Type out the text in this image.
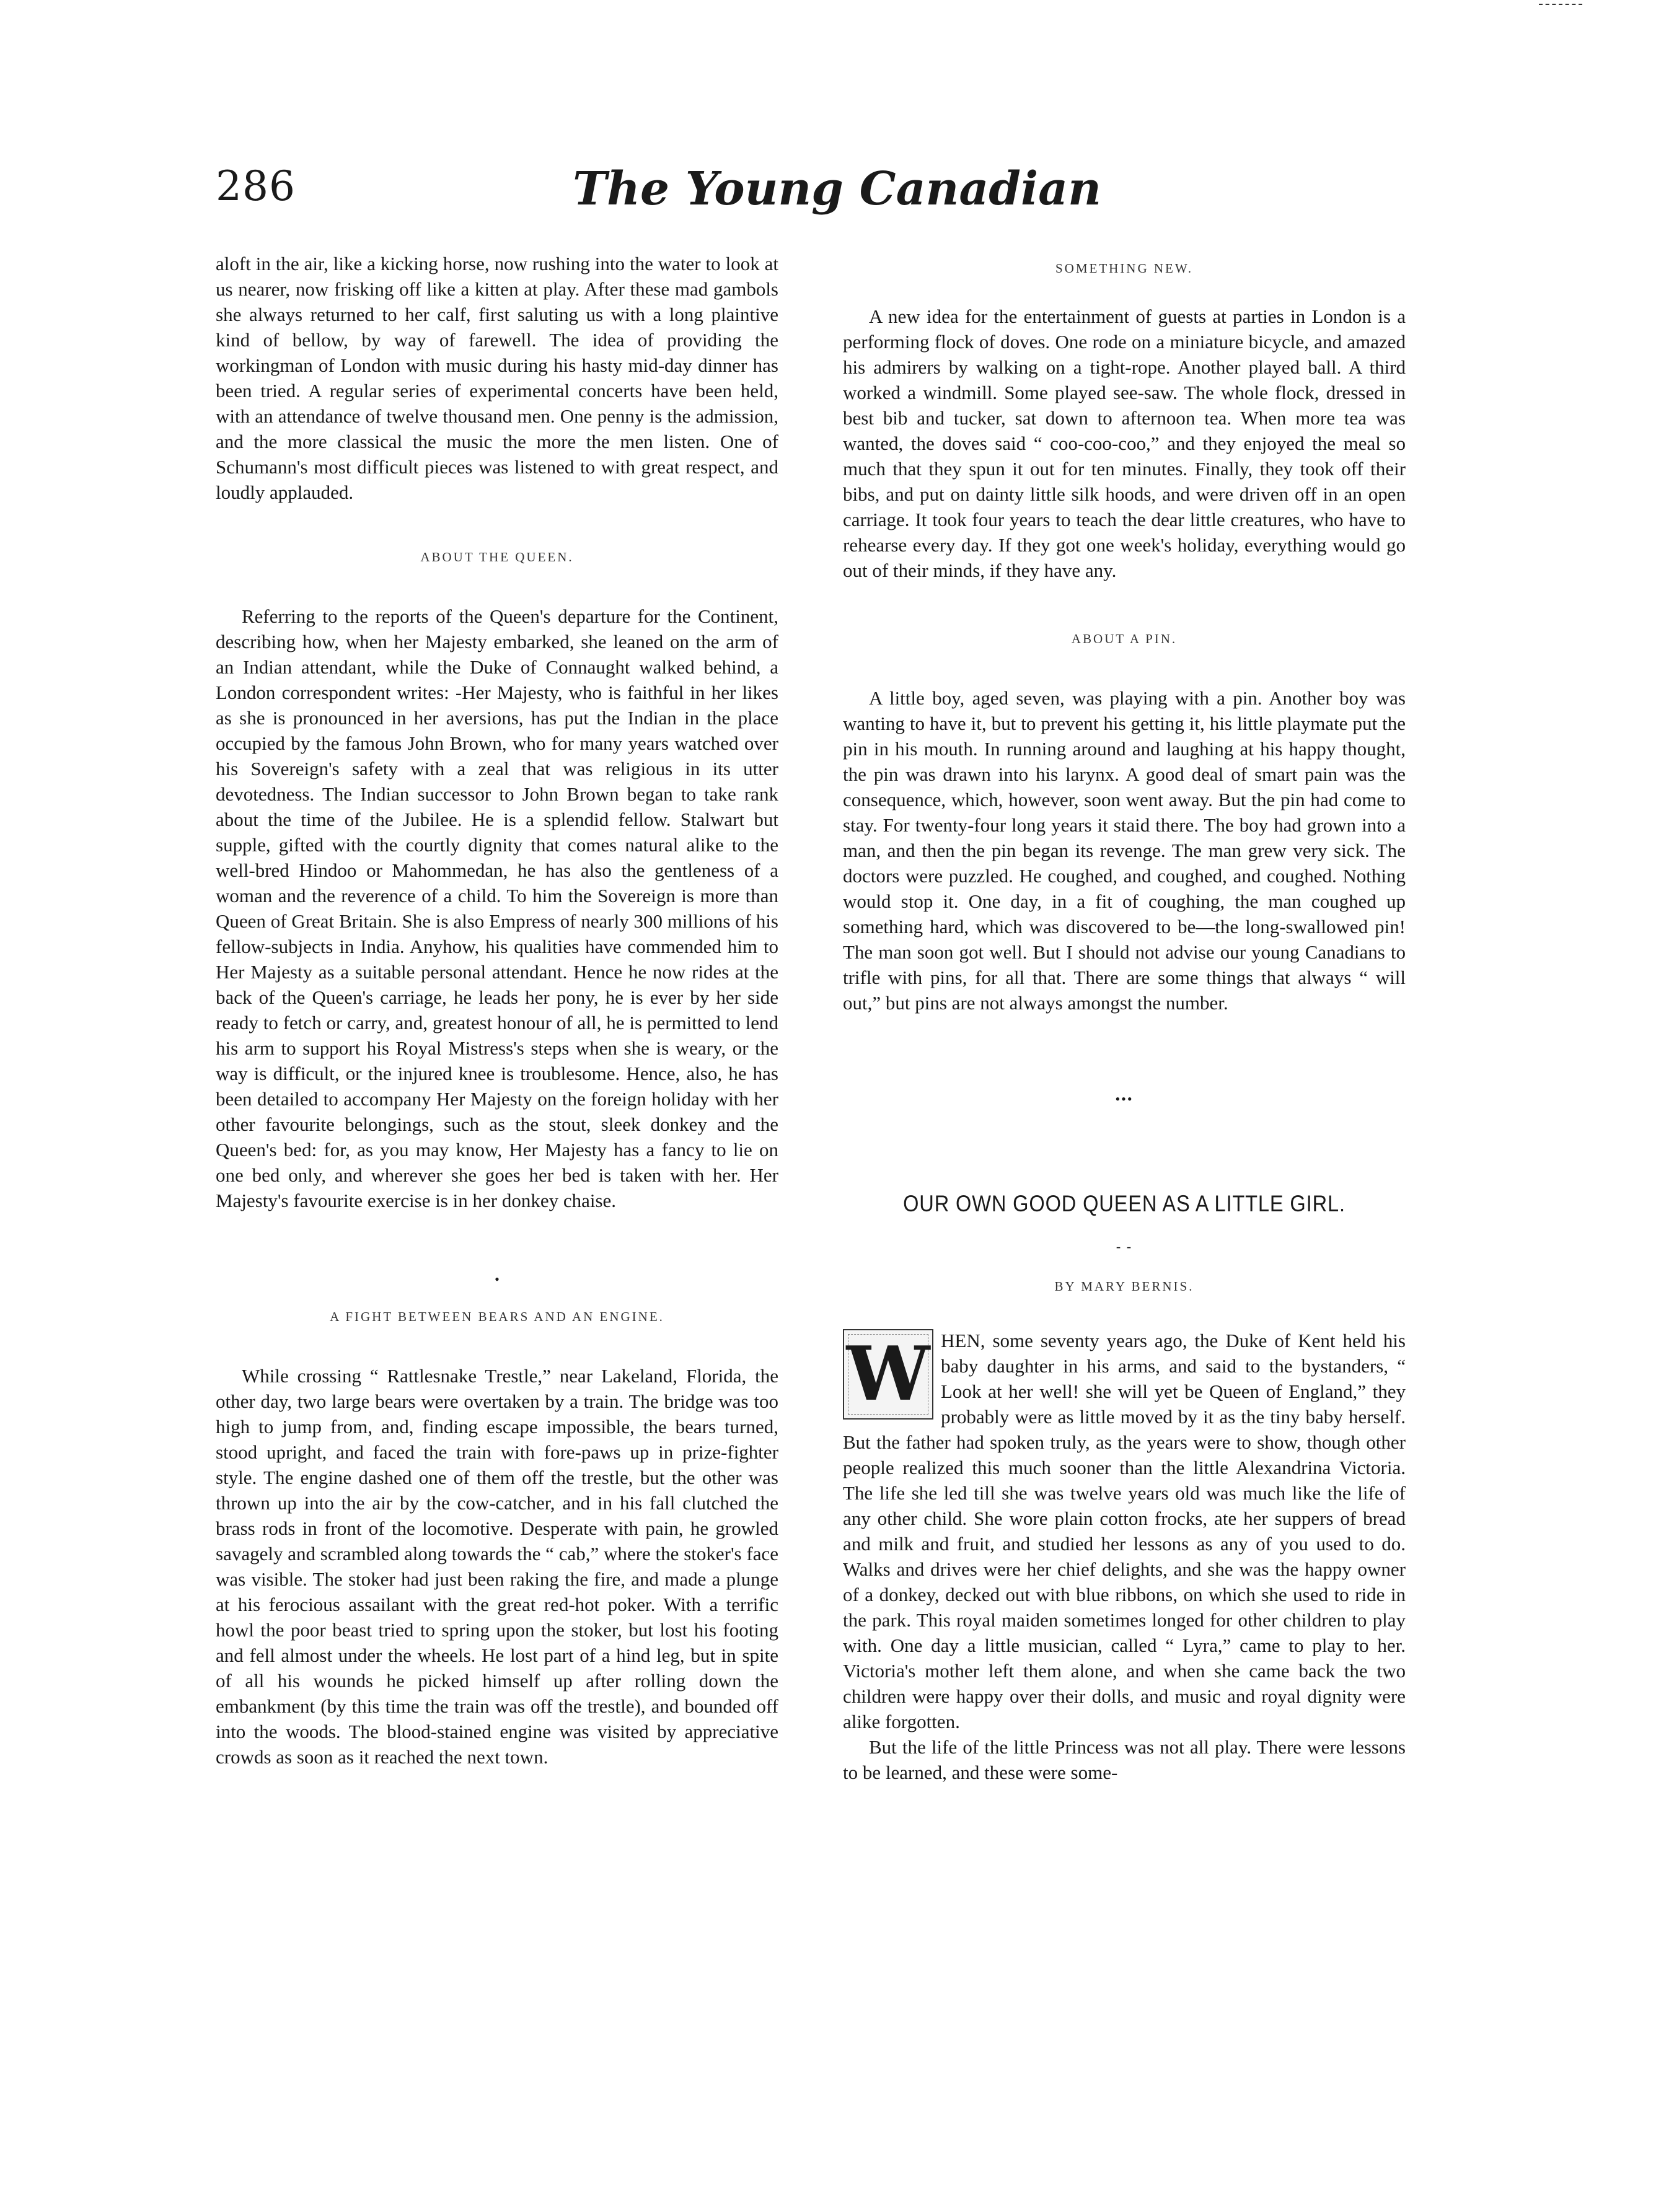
286	The Young Canadian

aloft in the air, like a kicking horse, now rushing into the water to look at us nearer, now frisking off like a kitten at play. After these mad gambols she always returned to her calf, first saluting us with a long plaintive kind of bellow, by way of farewell. The idea of providing the workingman of London with music during his hasty mid-day dinner has been tried. A regular series of experimental concerts have been held, with an attendance of twelve thousand men. One penny is the admission, and the more classical the music the more the men listen. One of Schumann's most difficult pieces was listened to with great respect, and loudly applauded.

ABOUT THE QUEEN.

Referring to the reports of the Queen's departure for the Continent, describing how, when her Majesty embarked, she leaned on the arm of an Indian attendant, while the Duke of Connaught walked behind, a London correspondent writes: -Her Majesty, who is faithful in her likes as she is pronounced in her aversions, has put the Indian in the place occupied by the famous John Brown, who for many years watched over his Sovereign's safety with a zeal that was religious in its utter devotedness. The Indian successor to John Brown began to take rank about the time of the Jubilee. He is a splendid fellow. Stalwart but supple, gifted with the courtly dignity that comes natural alike to the well-bred Hindoo or Mahommedan, he has also the gentleness of a woman and the reverence of a child. To him the Sovereign is more than Queen of Great Britain. She is also Empress of nearly 300 millions of his fellow-subjects in India. Anyhow, his qualities have commended him to Her Majesty as a suitable personal attendant. Hence he now rides at the back of the Queen's carriage, he leads her pony, he is ever by her side ready to fetch or carry, and, greatest honour of all, he is permitted to lend his arm to support his Royal Mistress's steps when she is weary, or the way is difficult, or the injured knee is troublesome. Hence, also, he has been detailed to accompany Her Majesty on the foreign holiday with her other favourite belongings, such as the stout, sleek donkey and the Queen's bed: for, as you may know, Her Majesty has a fancy to lie on one bed only, and wherever she goes her bed is taken with her. Her Majesty's favourite exercise is in her donkey chaise.

•
A FIGHT BETWEEN BEARS AND AN ENGINE.

While crossing “ Rattlesnake Trestle,” near Lakeland, Florida, the other day, two large bears were overtaken by a train. The bridge was too high to jump from, and, finding escape impossible, the bears turned, stood upright, and faced the train with fore-paws up in prize-fighter style. The engine dashed one of them off the trestle, but the other was thrown up into the air by the cow-catcher, and in his fall clutched the brass rods in front of the locomotive. Desperate with pain, he growled savagely and scrambled along towards the “ cab,” where the stoker's face was visible. The stoker had just been raking the fire, and made a plunge at his ferocious assailant with the great red-hot poker. With a terrific howl the poor beast tried to spring upon the stoker, but lost his footing and fell almost under the wheels. He lost part of a hind leg, but in spite of all his wounds he picked himself up after rolling down the embankment (by this time the train was off the trestle), and bounded off into the woods. The blood-stained engine was visited by appreciative crowds as soon as it reached the next town.

SOMETHING NEW.

A new idea for the entertainment of guests at parties in London is a performing flock of doves. One rode on a miniature bicycle, and amazed his admirers by walking on a tight-rope. Another played ball. A third worked a windmill. Some played see-saw. The whole flock, dressed in best bib and tucker, sat down to afternoon tea. When more tea was wanted, the doves said “ coo-coo-coo,” and they enjoyed the meal so much that they spun it out for ten minutes. Finally, they took off their bibs, and put on dainty little silk hoods, and were driven off in an open carriage. It took four years to teach the dear little creatures, who have to rehearse every day. If they got one week's holiday, everything would go out of their minds, if they have any.

ABOUT A PIN.

A little boy, aged seven, was playing with a pin. Another boy was wanting to have it, but to prevent his getting it, his little playmate put the pin in his mouth. In running around and laughing at his happy thought, the pin was drawn into his larynx. A good deal of smart pain was the consequence, which, however, soon went away. But the pin had come to stay. For twenty-four long years it staid there. The boy had grown into a man, and then the pin began its revenge. The man grew very sick. The doctors were puzzled. He coughed, and coughed, and coughed. Nothing would stop it. One day, in a fit of coughing, the man coughed up something hard, which was discovered to be—the long-swallowed pin! The man soon got well. But I should not advise our young Canadians to trifle with pins, for all that. There are some things that always “ will out,” but pins are not always amongst the number.

•••
OUR OWN GOOD QUEEN AS A LITTLE GIRL.
- -
BY MARY BERNIS.
W HEN, some seventy years ago, the Duke of Kent held his baby daughter in his arms, and said to the bystanders, “ Look at her well! she will yet be Queen of England,” they probably were as little moved by it as the tiny baby herself. But the father had spoken truly, as the years were to show, though other people realized this much sooner than the little Alexandrina Victoria. The life she led till she was twelve years old was much like the life of any other child. She wore plain cotton frocks, ate her suppers of bread and milk and fruit, and studied her lessons as any of you used to do. Walks and drives were her chief delights, and she was the happy owner of a donkey, decked out with blue ribbons, on which she used to ride in the park. This royal maiden sometimes longed for other children to play with. One day a little musician, called “ Lyra,” came to play to her. Victoria's mother left them alone, and when she came back the two children were happy over their dolls, and music and royal dignity were alike forgotten.

But the life of the little Princess was not all play. There were lessons to be learned, and these were some-
